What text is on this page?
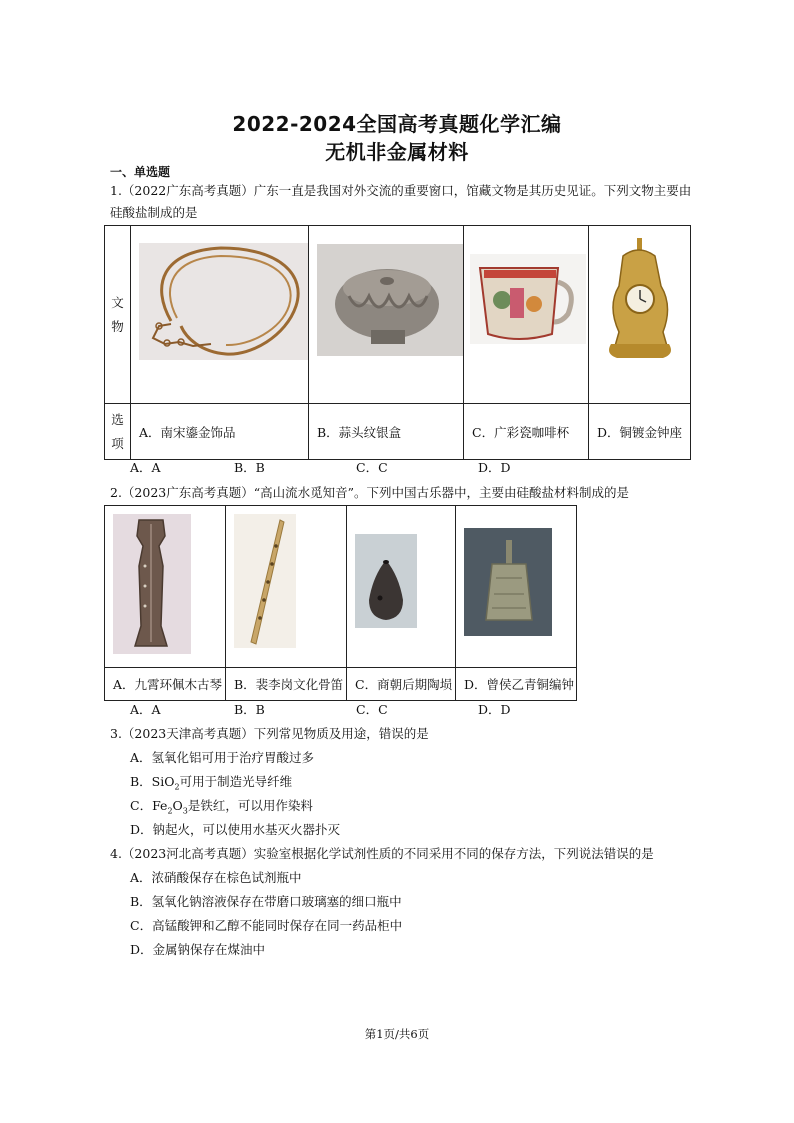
2022-2024全国高考真题化学汇编
无机非金属材料
一、单选题
1.（2022广东高考真题）广东一直是我国对外交流的重要窗口，馆藏文物是其历史见证。下列文物主要由
硅酸盐制成的是
文
物

选
项	A．南宋鎏金饰品	B．蒜头纹银盒	C．广彩瓷咖啡杯	D．铜镀金钟座
A．A	B．B	C．C	D．D
2.（2023广东高考真题）“高山流水觅知音”。下列中国古乐器中，主要由硅酸盐材料制成的是

A．九霄环佩木古琴	B．裴李岗文化骨笛	C．商朝后期陶埙	D．曾侯乙青铜编钟
A．A	B．B	C．C	D．D
3.（2023天津高考真题）下列常见物质及用途，错误的是
A．氢氧化铝可用于治疗胃酸过多
B．SiO$_2$可用于制造光导纤维
C．$Fe_2O_3$是铁红，可以用作染料
D．钠起火，可以使用水基灭火器扑灭
4.（2023河北高考真题）实验室根据化学试剂性质的不同采用不同的保存方法，下列说法错误的是
A．浓硝酸保存在棕色试剂瓶中
B．氢氧化钠溶液保存在带磨口玻璃塞的细口瓶中
C．高锰酸钾和乙醇不能同时保存在同一药品柜中
D．金属钠保存在煤油中
第1页/共6页
